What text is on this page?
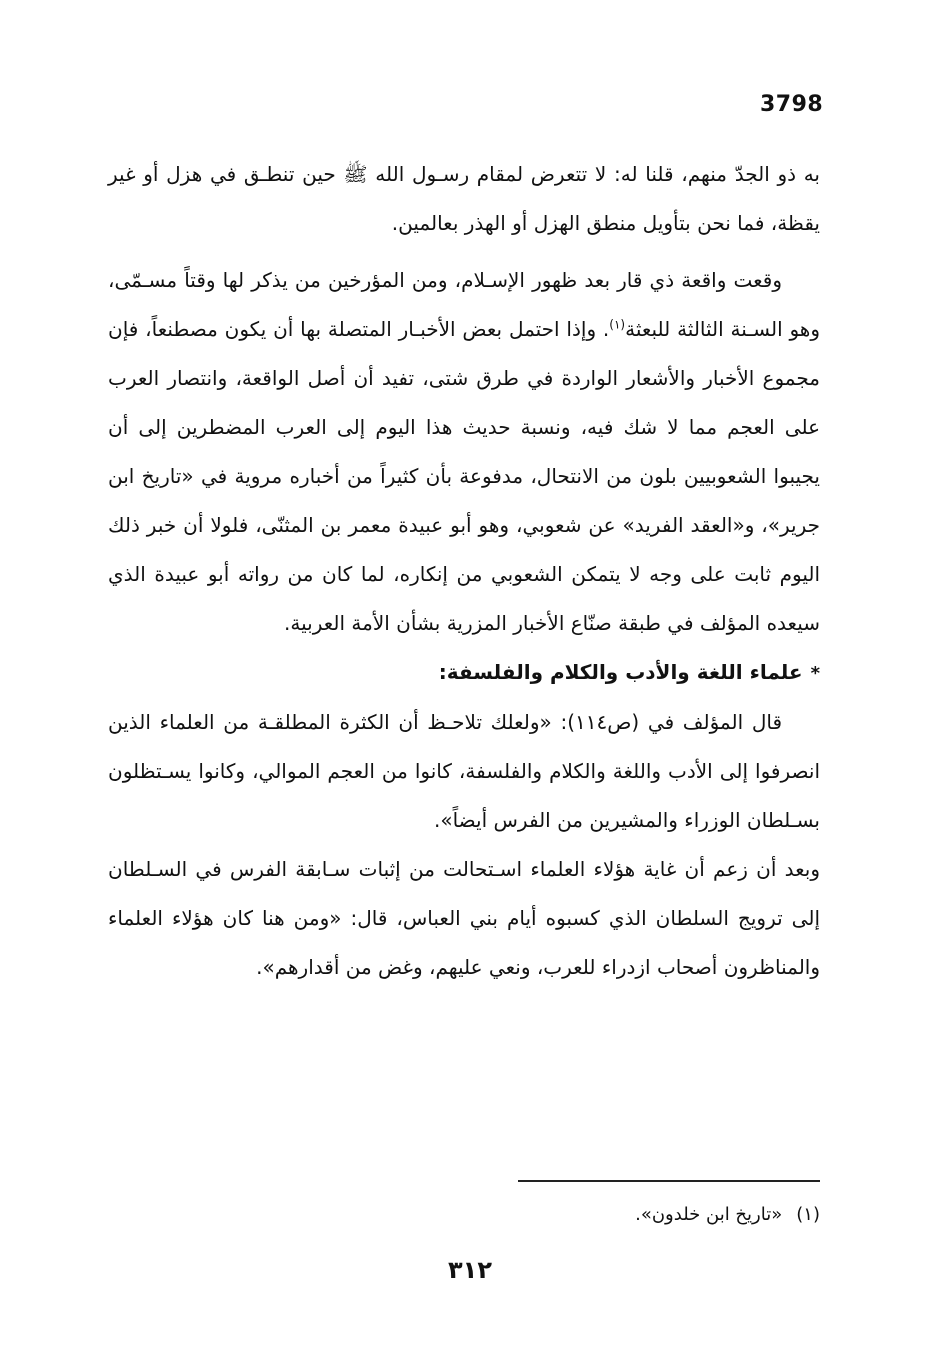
3798

به ذو الجدّ منهم، قلنا له: لا تتعرض لمقام رسـول الله ﷺ حين تنطـق في هزل أو غير يقظة، فما نحن بتأويل منطق الهزل أو الهذر بعالمين.

وقعت واقعة ذي قار بعد ظهور الإسـلام، ومن المؤرخين من يذكر لها وقتاً مسـمّى، وهو السـنة الثالثة للبعثة$^{(١)}$. وإذا احتمل بعض الأخبـار المتصلة بها أن يكون مصطنعاً، فإن مجموع الأخبار والأشعار الواردة في طرق شتى، تفيد أن أصل الواقعة، وانتصار العرب على العجم مما لا شك فيه، ونسبة حديث هذا اليوم إلى العرب المضطرين إلى أن يجيبوا الشعوبيين بلون من الانتحال، مدفوعة بأن كثيراً من أخباره مروية في «تاريخ ابن جرير»، و«العقد الفريد» عن شعوبي، وهو أبو عبيدة معمر بن المثنّى، فلولا أن خبر ذلك اليوم ثابت على وجه لا يتمكن الشعوبي من إنكاره، لما كان من رواته أبو عبيدة الذي سيعده المؤلف في طبقة صنّاع الأخبار المزرية بشأن الأمة العربية.

*علماء اللغة والأدب والكلام والفلسفة:

قال المؤلف في (ص١١٤): «ولعلك تلاحـظ أن الكثرة المطلقـة من العلماء الذين انصرفوا إلى الأدب واللغة والكلام والفلسفة، كانوا من العجم الموالي، وكانوا يسـتظلون بسـلطان الوزراء والمشيرين من الفرس أيضاً».

وبعد أن زعم أن غاية هؤلاء العلماء اسـتحالت من إثبات سـابقة الفرس في السـلطان إلى ترويج السلطان الذي كسبوه أيام بني العباس، قال: «ومن هنا كان هؤلاء العلماء والمناظرون أصحاب ازدراء للعرب، ونعي عليهم، وغض من أقدارهم».

(١)«تاريخ ابن خلدون».
٣١٢
